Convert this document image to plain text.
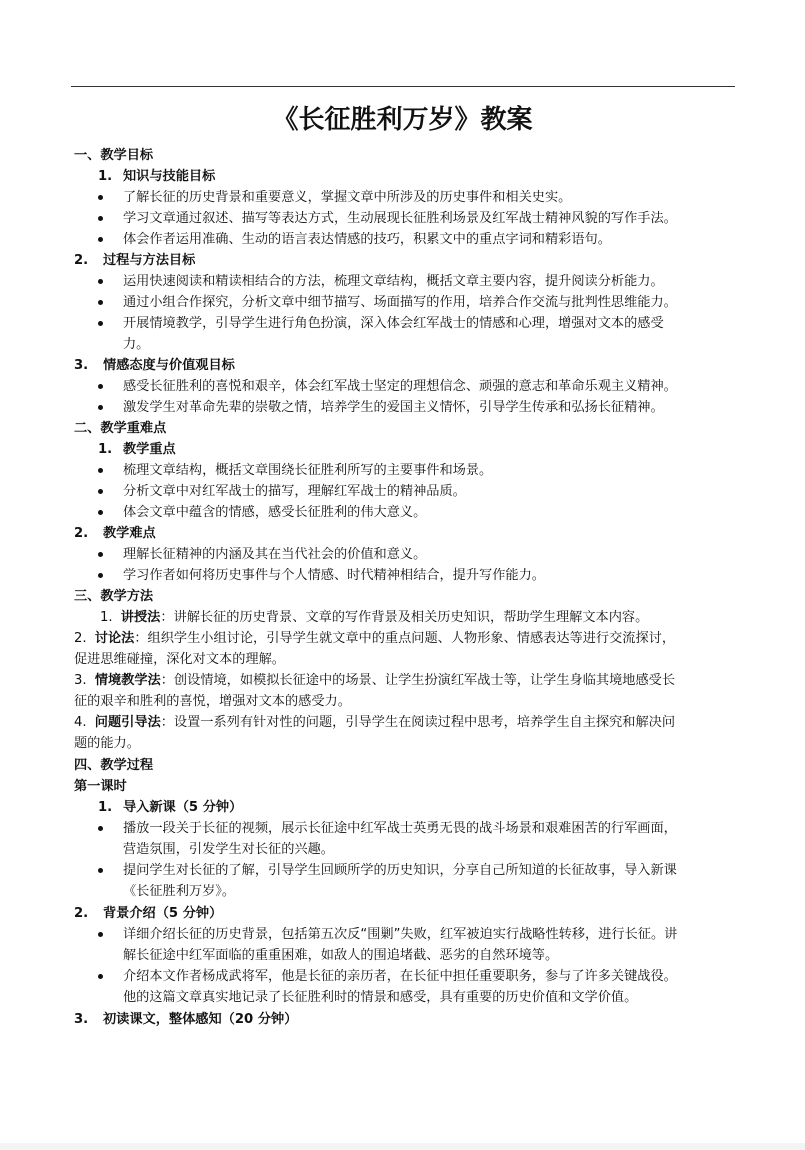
《长征胜利万岁》教案
一、教学目标
1. 知识与技能目标
了解长征的历史背景和重要意义，掌握文章中所涉及的历史事件和相关史实。
学习文章通过叙述、描写等表达方式，生动展现长征胜利场景及红军战士精神风貌的写作手法。
体会作者运用准确、生动的语言表达情感的技巧，积累文中的重点字词和精彩语句。
2. 过程与方法目标
运用快速阅读和精读相结合的方法，梳理文章结构，概括文章主要内容，提升阅读分析能力。
通过小组合作探究，分析文章中细节描写、场面描写的作用，培养合作交流与批判性思维能力。
开展情境教学，引导学生进行角色扮演，深入体会红军战士的情感和心理，增强对文本的感受
力。
3. 情感态度与价值观目标
感受长征胜利的喜悦和艰辛，体会红军战士坚定的理想信念、顽强的意志和革命乐观主义精神。
激发学生对革命先辈的崇敬之情，培养学生的爱国主义情怀，引导学生传承和弘扬长征精神。
二、教学重难点
1. 教学重点
梳理文章结构，概括文章围绕长征胜利所写的主要事件和场景。
分析文章中对红军战士的描写，理解红军战士的精神品质。
体会文章中蕴含的情感，感受长征胜利的伟大意义。
2. 教学难点
理解长征精神的内涵及其在当代社会的价值和意义。
学习作者如何将历史事件与个人情感、时代精神相结合，提升写作能力。
三、教学方法
1. 讲授法：讲解长征的历史背景、文章的写作背景及相关历史知识，帮助学生理解文本内容。
2. 讨论法：组织学生小组讨论，引导学生就文章中的重点问题、人物形象、情感表达等进行交流探讨，
促进思维碰撞，深化对文本的理解。
3. 情境教学法：创设情境，如模拟长征途中的场景、让学生扮演红军战士等，让学生身临其境地感受长
征的艰辛和胜利的喜悦，增强对文本的感受力。
4. 问题引导法：设置一系列有针对性的问题，引导学生在阅读过程中思考，培养学生自主探究和解决问
题的能力。
四、教学过程
第一课时
1. 导入新课（5 分钟）
播放一段关于长征的视频，展示长征途中红军战士英勇无畏的战斗场景和艰难困苦的行军画面，
营造氛围，引发学生对长征的兴趣。
提问学生对长征的了解，引导学生回顾所学的历史知识，分享自己所知道的长征故事，导入新课
《长征胜利万岁》。
2. 背景介绍（5 分钟）
详细介绍长征的历史背景，包括第五次反“围剿”失败，红军被迫实行战略性转移，进行长征。讲
解长征途中红军面临的重重困难，如敌人的围追堵截、恶劣的自然环境等。
介绍本文作者杨成武将军，他是长征的亲历者，在长征中担任重要职务，参与了许多关键战役。
他的这篇文章真实地记录了长征胜利时的情景和感受，具有重要的历史价值和文学价值。
3. 初读课文，整体感知（20 分钟）
